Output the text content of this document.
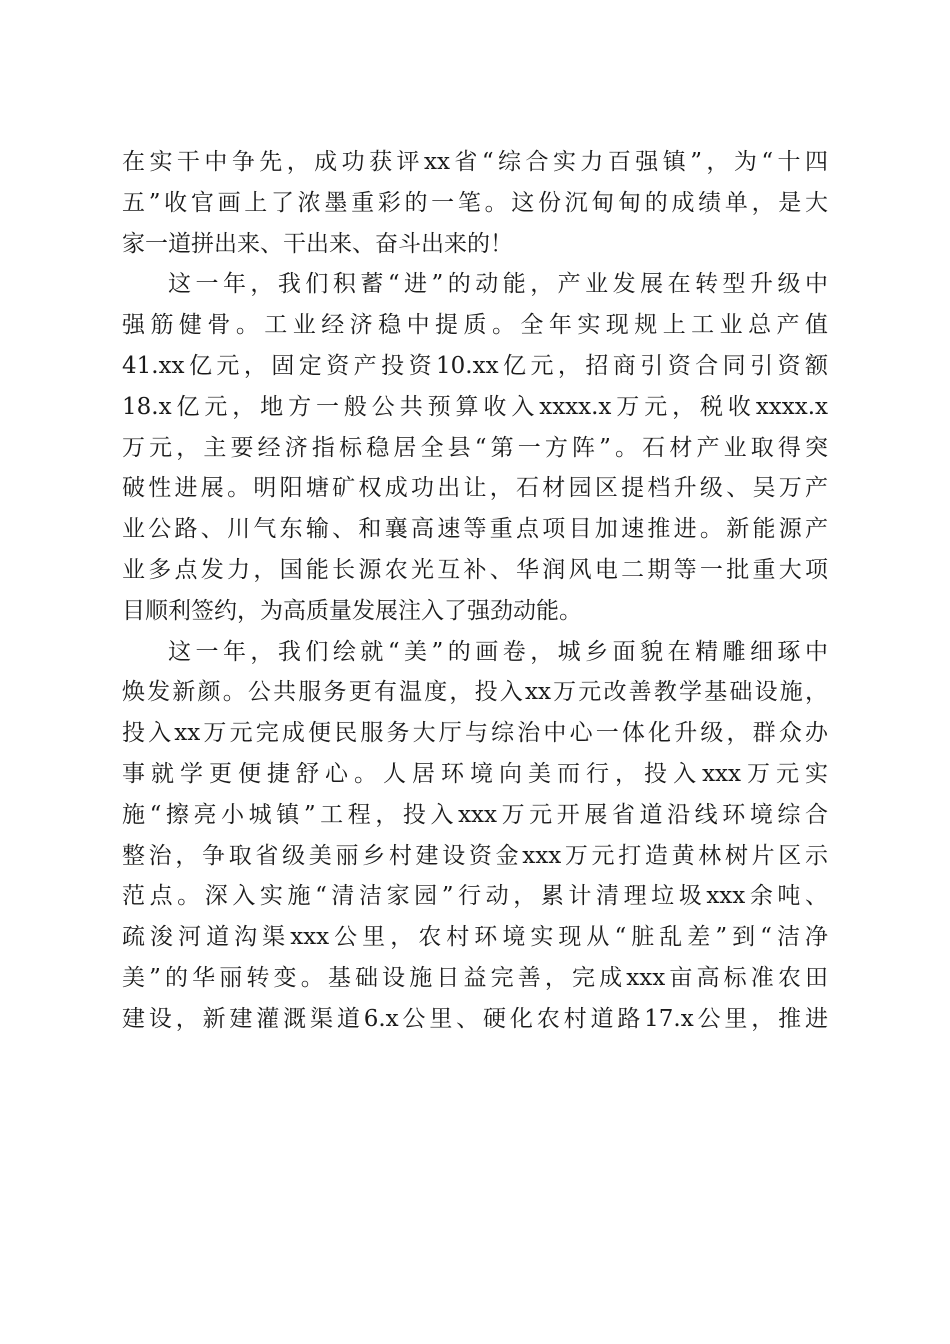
在实干中争先，成功获评xx省“综合实力百强镇”，为“十四
五”收官画上了浓墨重彩的一笔。这份沉甸甸的成绩单，是大
家一道拼出来、干出来、奋斗出来的！
这一年，我们积蓄“进”的动能，产业发展在转型升级中
强筋健骨。工业经济稳中提质。全年实现规上工业总产值
41.xx亿元，固定资产投资10.xx亿元，招商引资合同引资额
18.x亿元，地方一般公共预算收入xxxx.x万元，税收xxxx.x
万元，主要经济指标稳居全县“第一方阵”。石材产业取得突
破性进展。明阳塘矿权成功出让，石材园区提档升级、吴万产
业公路、川气东输、和襄高速等重点项目加速推进。新能源产
业多点发力，国能长源农光互补、华润风电二期等一批重大项
目顺利签约，为高质量发展注入了强劲动能。
这一年，我们绘就“美”的画卷，城乡面貌在精雕细琢中
焕发新颜。公共服务更有温度，投入xx万元改善教学基础设施，
投入xx万元完成便民服务大厅与综治中心一体化升级，群众办
事就学更便捷舒心。人居环境向美而行，投入xxx万元实
施“擦亮小城镇”工程，投入xxx万元开展省道沿线环境综合
整治，争取省级美丽乡村建设资金xxx万元打造黄林树片区示
范点。深入实施“清洁家园”行动，累计清理垃圾xxx余吨、
疏浚河道沟渠xxx公里，农村环境实现从“脏乱差”到“洁净
美”的华丽转变。基础设施日益完善，完成xxx亩高标准农田
建设，新建灌溉渠道6.x公里、硬化农村道路17.x公里，推进
